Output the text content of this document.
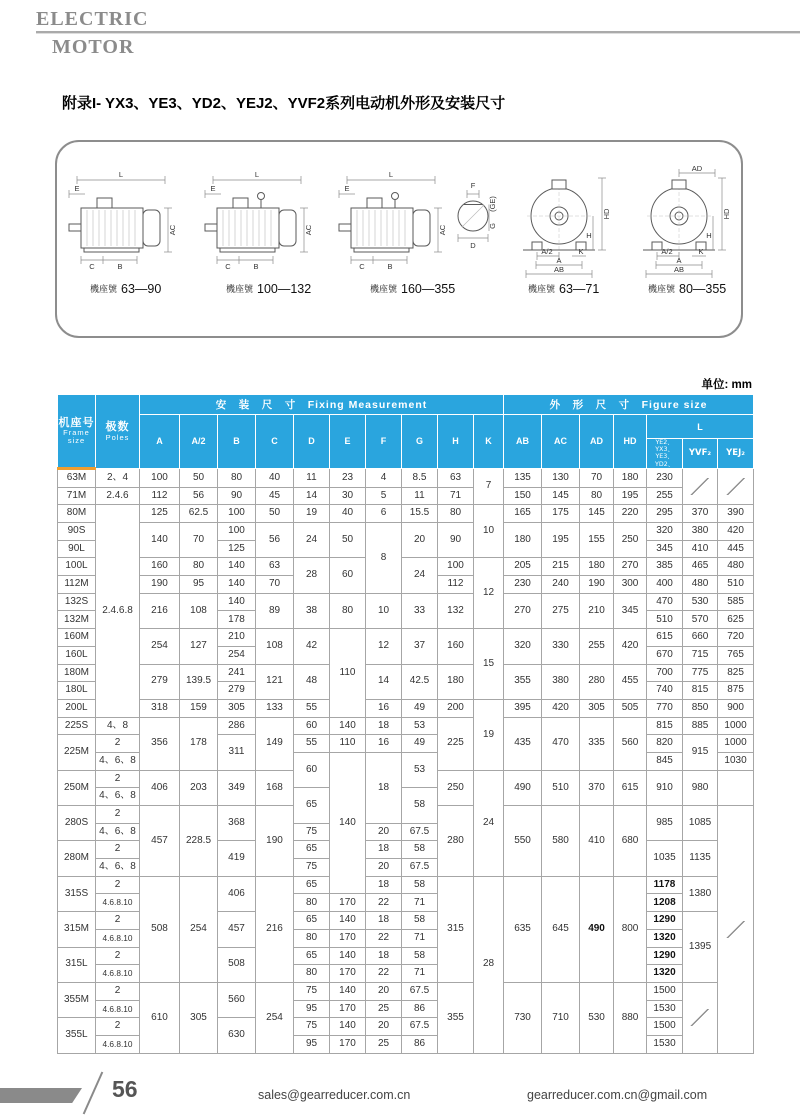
ELECTRIC
MOTOR
附录I- YX3、YE3、YD2、YEJ2、YVF2系列电动机外形及安装尺寸
L
E
AC
C	B
機座號 63—90
L
E
AC
C	B
機座號 100—132
L
E
AC
C	B
機座號 160—355
F
(GE)
G
D
HD
H
A/2	K
A
AB
機座號 63—71
AD
HD
H
A/2	K
A
AB
機座號 80—355
单位: mm
机座号
Frame
size

极数
Poles
	安　装　尺　寸　Fixing Measurement	外　形　尺　寸　Figure size
		A	A/2	B	C	D	E	F	G	H	K	AB	AC	AD	HD	L		

																YE2、YX3、
YE3、YD2、	YVF₂	YEJ₂
63M	2、4	100	50	80	40	11	23	4	8.5	63	7	135	130	70	180	230		
71M	2.4.6	112	56	90	45	14	30	5	11	71		150	145	80	195	255		
80M	2.4.6.8	125	62.5	100	50	19	40	6	15.5	80	10	165	175	145	220	295	370	390
90S		140	70	100	56	24	50	8	20	90		180	195	155	250	320	380	420
90L				125												345	410	445
100L		160	80	140	63	28	60		24	100	12	205	215	180	270	385	465	480
112M		190	95	140	70					112		230	240	190	300	400	480	510
132S		216	108	140	89	38	80	10	33	132		270	275	210	345	470	530	585
132M				178												510	570	625
160M		254	127	210	108	42	110	12	37	160	15	320	330	255	420	615	660	720
160L				254												670	715	765
180M		279	139.5	241	121	48		14	42.5	180		355	380	280	455	700	775	825
180L				279												740	815	875
200L		318	159	305	133	55		16	49	200	19	395	420	305	505	770	850	900
225S	4、8	356	178	286	149	60	140	18	53	225		435	470	335	560	815	885	1000
225M	2			311		55	110	16	49							820	915	1000
	4、6、8					60	140	18	53							845		1030
250M	2	406	203	349	168					250	24	490	510	370	615	910	980	
	4、6、8					65			58									
280S	2	457	228.5	368	190					280		550	580	410	680	985	1085	
	4、6、8					75		20	67.5									
280M	2			419		65		18	58							1035	1135	
	4、6、8					75		20	67.5									
315S	2	508	254	406	216	65		18	58	315	28	635	645	490	800	1178	1380	
	4.6.8.10					80	170	22	71							1208		
315M	2			457		65	140	18	58							1290	1395	
	4.6.8.10					80	170	22	71							1320		
315L	2			508		65	140	18	58							1290		
	4.6.8.10					80	170	22	71							1320		
355M	2	610	305	560	254	75	140	20	67.5	355		730	710	530	880	1500		
	4.6.8.10					95	170	25	86							1530		
355L	2			630		75	140	20	67.5							1500		
	4.6.8.10					95	170	25	86							1530		
56	sales@gearreducer.com.cn	gearreducer.com.cn@gmail.com
